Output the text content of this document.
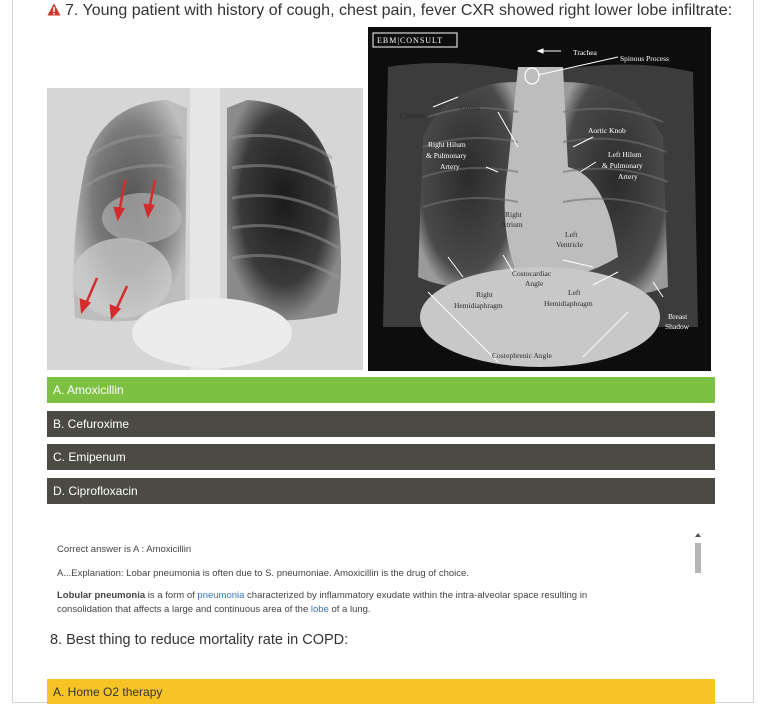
7. Young patient with history of cough, chest pain, fever CXR showed right lower lobe infiltrate:
EBM|CONSULT
Trachea
Spinous Process
Clavicle
Carina
Aortic Knob
Right Hilum
& Pulmonary
Artery
Left Hilum
& Pulmonary
Artery
Right
Atrium
Left
Ventricle
Costocardiac
Angle
Right
Hemidiaphragm
Left
Hemidiaphragm
Breast
Shadow
Costophrenic Angle
A. Amoxicillin
B. Cefuroxime
C. Emipenum
D. Ciprofloxacin

Correct answer is A : Amoxicillin

A...Explanation: Lobar pneumonia is often due to S. pneumoniae. Amoxicillin is the drug of choice.

Lobular pneumonia is a form of pneumonia characterized by inflammatory exudate within the intra-alveolar space resulting in
consolidation that affects a large and continuous area of the lobe of a lung.

8. Best thing to reduce mortality rate in COPD:
A. Home O2 therapy
